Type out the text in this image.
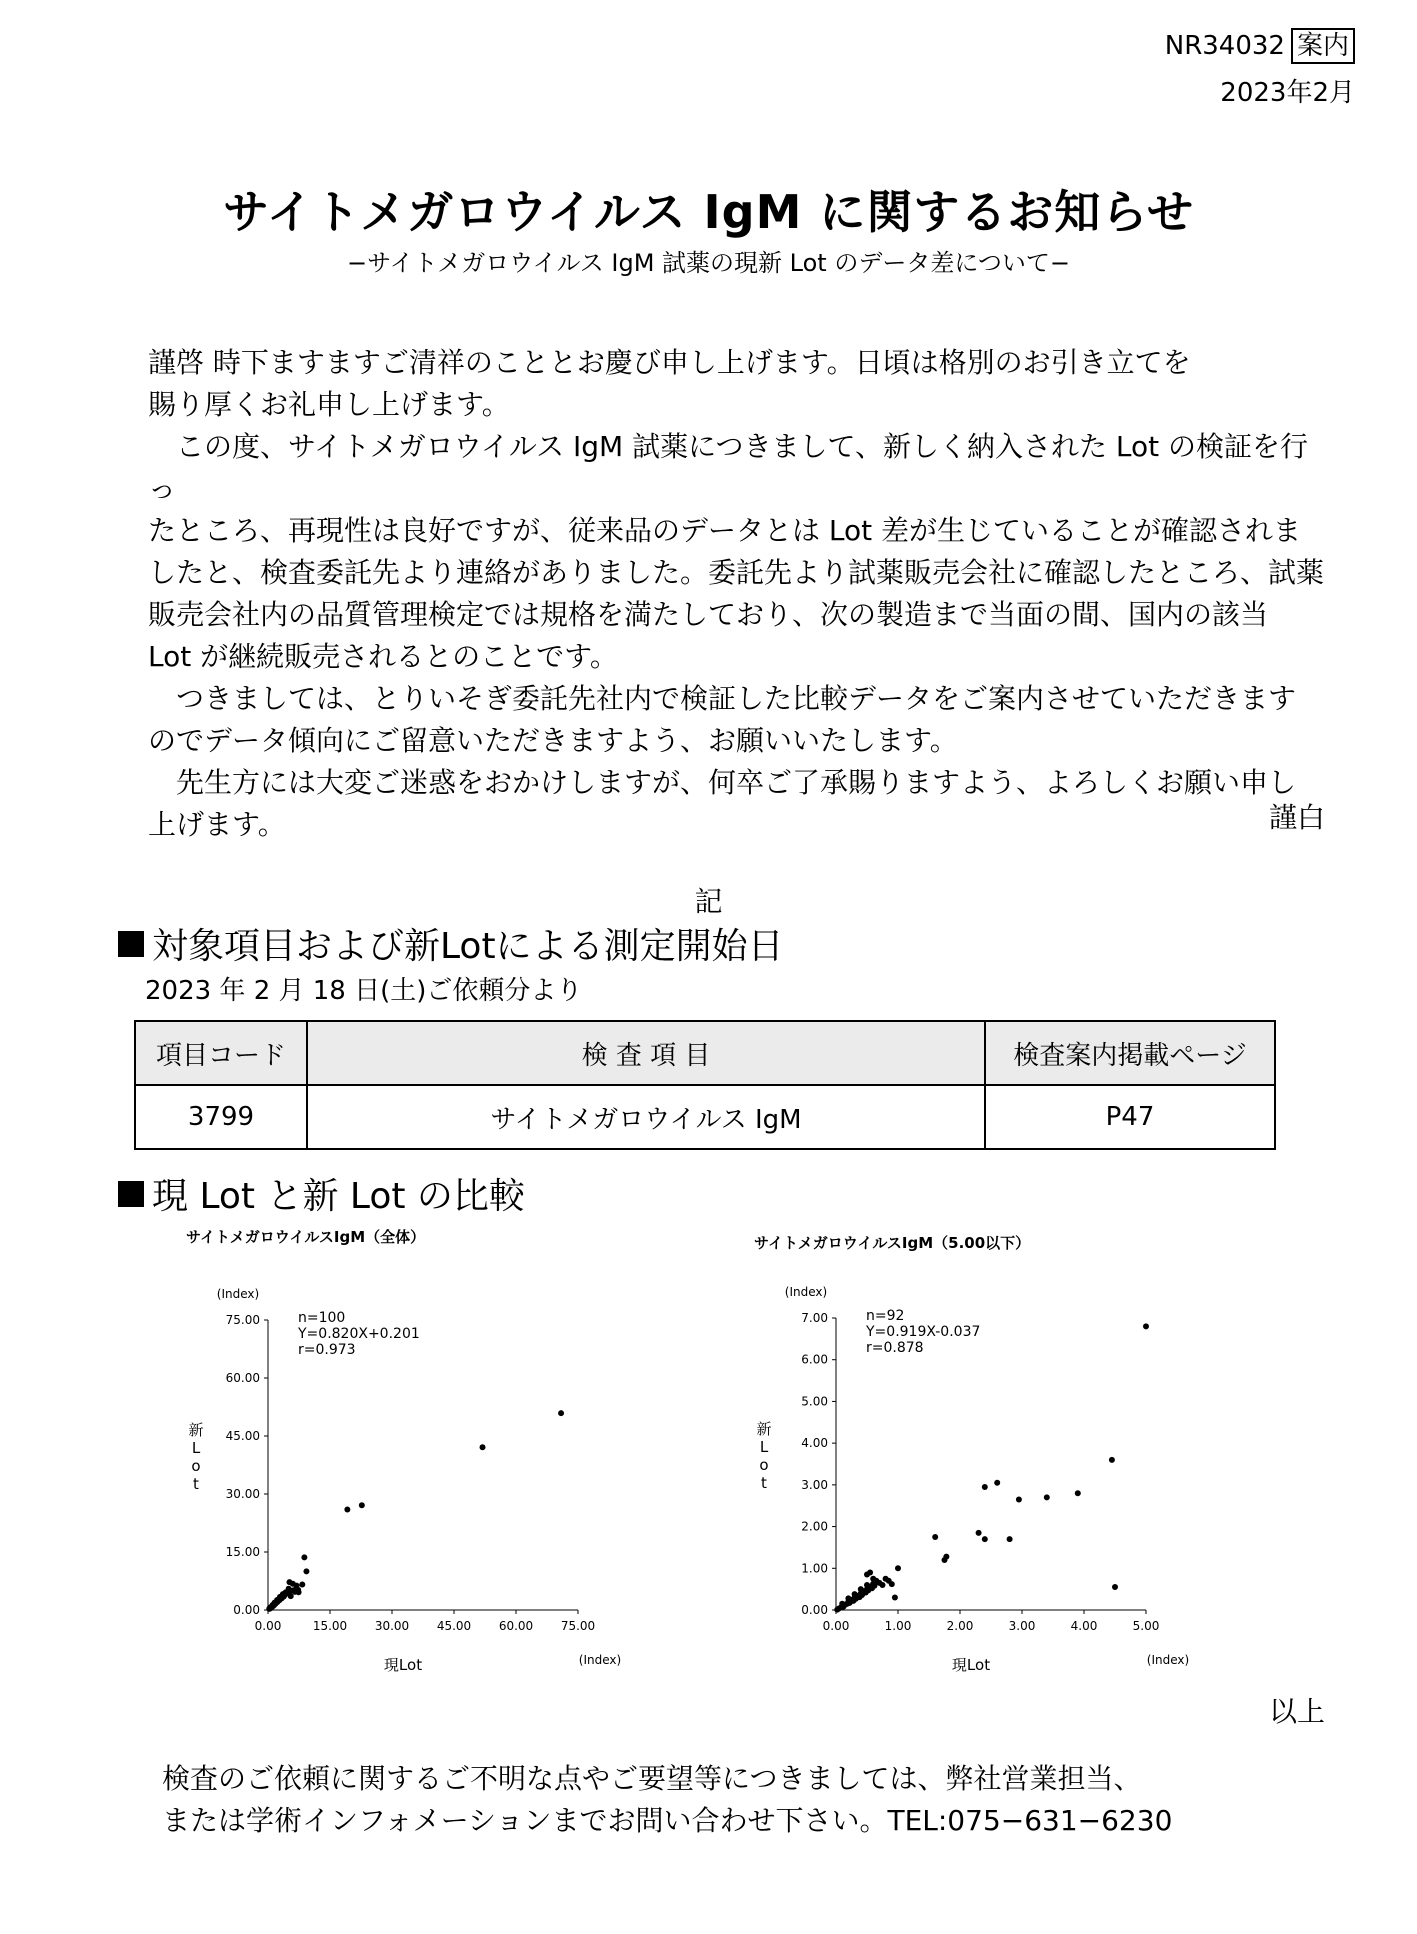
NR34032 案内
2023年2月
サイトメガロウイルス IgM に関するお知らせ
−サイトメガロウイルス IgM 試薬の現新 Lot のデータ差について−

謹啓 時下ますますご清祥のこととお慶び申し上げます。日頃は格別のお引き立てを

賜り厚くお礼申し上げます。

この度、サイトメガロウイルス IgM 試薬につきまして、新しく納入された Lot の検証を行っ

たところ、再現性は良好ですが、従来品のデータとは Lot 差が生じていることが確認されま

したと、検査委託先より連絡がありました。委託先より試薬販売会社に確認したところ、試薬

販売会社内の品質管理検定では規格を満たしており、次の製造まで当面の間、国内の該当

Lot が継続販売されるとのことです。

つきましては、とりいそぎ委託先社内で検証した比較データをご案内させていただきます

のでデータ傾向にご留意いただきますよう、お願いいたします。

先生方には大変ご迷惑をおかけしますが、何卒ご了承賜りますよう、よろしくお願い申し

上げます。	謹白
記
対象項目および新Lotによる測定開始日
2023 年 2 月 18 日(土)ご依頼分より
項目コード	検 査 項 目	検査案内掲載ページ
3799	サイトメガロウイルス IgM	P47
現 Lot と新 Lot の比較
サイトメガロウイルスIgM（全体）
(Index)
(Index)
0.00	15.00 30.00 45.00 60.00 75.00
0.00
15.00
30.00
45.00
60.00
75.00
新
L
o
t
現Lot
n=100
Y=0.820X+0.201
r=0.973
サイトメガロウイルスIgM（5.00以下）
(Index)
(Index)
0.00	1.00	2.00	3.00	4.00	5.00
0.00
1.00
2.00
3.00
4.00
5.00
6.00
7.00
新
L
o
t
現Lot
n=92
Y=0.919X-0.037
r=0.878
以上

検査のご依頼に関するご不明な点やご要望等につきましては、弊社営業担当、

または学術インフォメーションまでお問い合わせ下さい。TEL:075−631−6230
